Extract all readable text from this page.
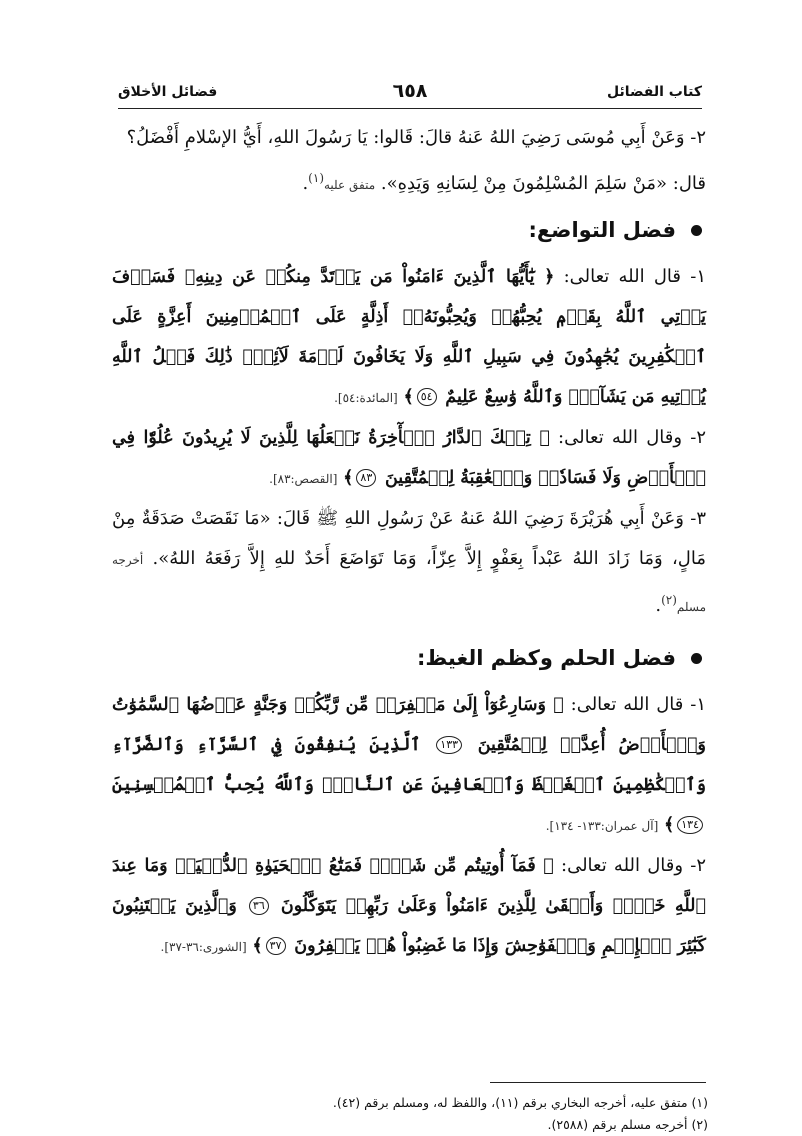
كتاب الفضائل
٦٥٨
فضائل الأخلاق

٢- وَعَنْ أَبِي مُوسَى رَضِيَ اللهُ عَنهُ قالَ: قَالوا: يَا رَسُولَ اللهِ، أَيُّ الإسْلامِ أَفْضَلُ؟
قال: «مَنْ سَلِمَ المُسْلِمُونَ مِنْ لِسَانِهِ وَيَدِهِ». متفق عليه$^{(١)}$.

فضل التواضع:

١- قال الله تعالى: ﴿ يَٰٓأَيُّهَا ٱلَّذِينَ ءَامَنُواْ مَن يَرۡتَدَّ مِنكُمۡ عَن دِينِهِۦ فَسَوۡفَ يَأۡتِي ٱللَّهُ بِقَوۡمٖ يُحِبُّهُمۡ وَيُحِبُّونَهُۥٓ أَذِلَّةٍ عَلَى ٱلۡمُؤۡمِنِينَ أَعِزَّةٍ عَلَى ٱلۡكَٰفِرِينَ يُجَٰهِدُونَ فِي سَبِيلِ ٱللَّهِ وَلَا يَخَافُونَ لَوۡمَةَ لَآئِمٖۚ ذَٰلِكَ فَضۡلُ ٱللَّهِ يُؤۡتِيهِ مَن يَشَآءُۚ وَٱللَّهُ وَٰسِعٌ عَلِيمٌ ٥٤﴾ [المائدة:٥٤].

٢- وقال الله تعالى: ﴿ تِلۡكَ ٱلدَّارُ ٱلۡأٓخِرَةُ نَجۡعَلُهَا لِلَّذِينَ لَا يُرِيدُونَ عُلُوّٗا فِي ٱلۡأَرۡضِ وَلَا فَسَادٗاۚ وَٱلۡعَٰقِبَةُ لِلۡمُتَّقِينَ ٨٣﴾ [القصص:٨٣].

٣- وَعَنْ أَبِي هُرَيْرَةَ رَضِيَ اللهُ عَنهُ عَنْ رَسُولِ اللهِ ﷺ قَالَ: «مَا نَقَصَتْ صَدَقَةٌ مِنْ مَالٍ، وَمَا زَادَ اللهُ عَبْداً بِعَفْوٍ إِلاَّ عِزّاً، وَمَا تَوَاضَعَ أَحَدٌ للهِ إِلاَّ رَفَعَهُ اللهُ». أخرجه مسلم$^{(٢)}$.

فضل الحلم وكظم الغيظ:

١- قال الله تعالى: ﴿ وَسَارِعُوٓاْ إِلَىٰ مَغۡفِرَةٖ مِّن رَّبِّكُمۡ وَجَنَّةٍ عَرۡضُهَا ٱلسَّمَٰوَٰتُ وَٱلۡأَرۡضُ أُعِدَّتۡ لِلۡمُتَّقِينَ ١٣٣ ٱلَّذِينَ يُنفِقُونَ فِي ٱلسَّرَّآءِ وَٱلضَّرَّآءِ وَٱلۡكَٰظِمِينَ ٱلۡغَيۡظَ وَٱلۡعَافِينَ عَنِ ٱلنَّاسِۗ وَٱللَّهُ يُحِبُّ ٱلۡمُحۡسِنِينَ ١٣٤﴾ [آل عمران:١٣٣- ١٣٤].

٢- وقال الله تعالى: ﴿ فَمَآ أُوتِيتُم مِّن شَيۡءٖ فَمَتَٰعُ ٱلۡحَيَوٰةِ ٱلدُّنۡيَاۖ وَمَا عِندَ ٱللَّهِ خَيۡرٞ وَأَبۡقَىٰ لِلَّذِينَ ءَامَنُواْ وَعَلَىٰ رَبِّهِمۡ يَتَوَكَّلُونَ ٣٦ وَٱلَّذِينَ يَجۡتَنِبُونَ كَبَٰٓئِرَ ٱلۡإِثۡمِ وَٱلۡفَوَٰحِشَ وَإِذَا مَا غَضِبُواْ هُمۡ يَغۡفِرُونَ ٣٧﴾ [الشورى:٣٦-٣٧].

(١) متفق عليه، أخرجه البخاري برقم (١١)، واللفظ له، ومسلم برقم (٤٢).

(٢) أخرجه مسلم برقم (٢٥٨٨).
